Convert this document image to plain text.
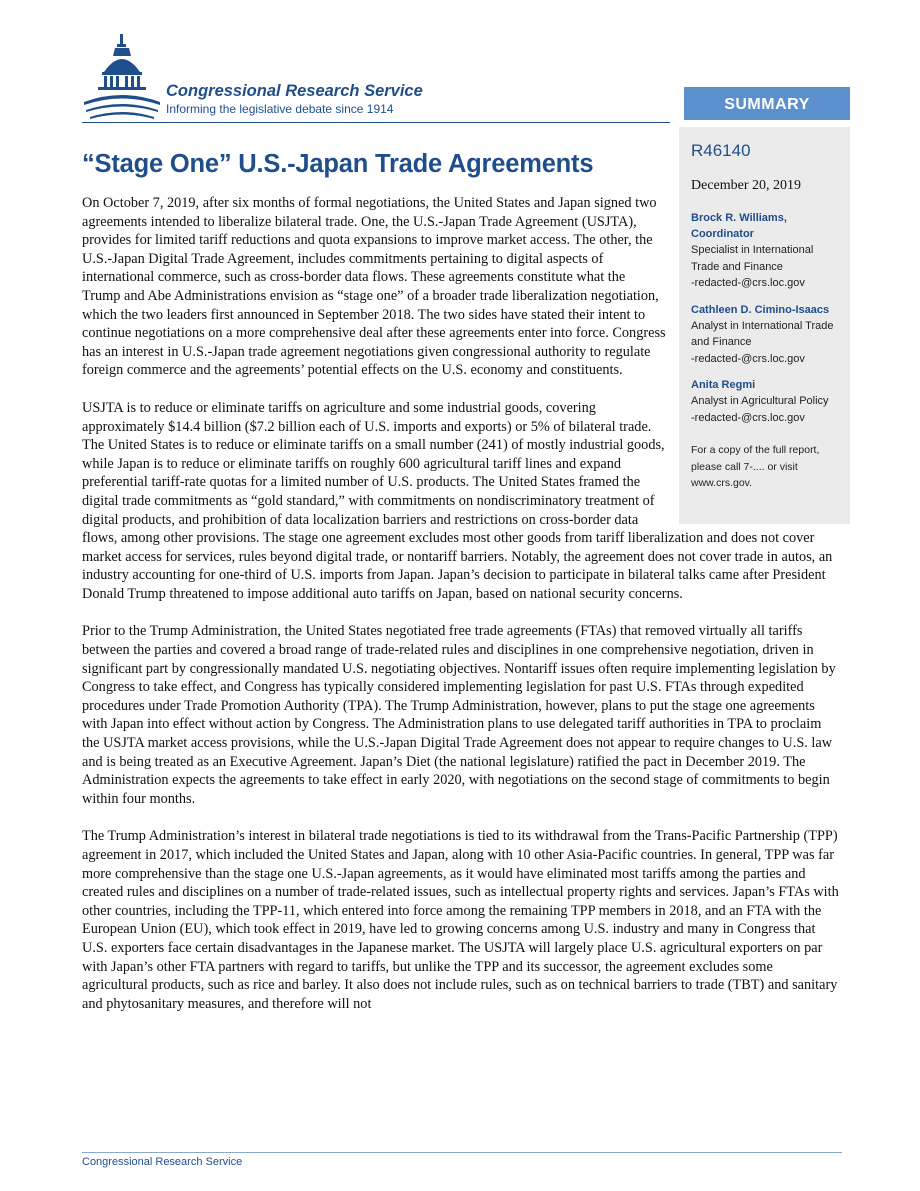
Congressional Research Service
Informing the legislative debate since 1914	SUMMARY
R46140
December 20, 2019
Brock R. Williams,
Coordinator
Specialist in International Trade and Finance
-redacted-@crs.loc.gov
Cathleen D. Cimino-Isaacs
Analyst in International Trade and Finance
-redacted-@crs.loc.gov
Anita Regmi
Analyst in Agricultural Policy
-redacted-@crs.loc.gov
For a copy of the full report, please call 7-.... or visit www.crs.gov.
“Stage One” U.S.-Japan Trade Agreements

On October 7, 2019, after six months of formal negotiations, the United States and Japan signed two agreements intended to liberalize bilateral trade. One, the U.S.-Japan Trade Agreement (USJTA), provides for limited tariff reductions and quota expansions to improve market access. The other, the U.S.-Japan Digital Trade Agreement, includes commitments pertaining to digital aspects of international commerce, such as cross-border data flows. These agreements constitute what the Trump and Abe Administrations envision as “stage one” of a broader trade liberalization negotiation, which the two leaders first announced in September 2018. The two sides have stated their intent to continue negotiations on a more comprehensive deal after these agreements enter into force. Congress has an interest in U.S.-Japan trade agreement negotiations given congressional authority to regulate foreign commerce and the agreements’ potential effects on the U.S. economy and constituents.

USJTA is to reduce or eliminate tariffs on agriculture and some industrial goods, covering approximately $14.4 billion ($7.2 billion each of U.S. imports and exports) or 5% of bilateral trade. The United States is to reduce or eliminate tariffs on a small number (241) of mostly industrial goods, while Japan is to reduce or eliminate tariffs on roughly 600 agricultural tariff lines and expand preferential tariff-rate quotas for a limited number of U.S. products. The United States framed the digital trade commitments as “gold standard,” with commitments on nondiscriminatory treatment of digital products, and prohibition of data localization barriers and restrictions on cross-border data flows, among other provisions. The stage one agreement excludes most other goods from tariff liberalization and does not cover market access for services, rules beyond digital trade, or nontariff barriers. Notably, the agreement does not cover trade in autos, an industry accounting for one-third of U.S. imports from Japan. Japan’s decision to participate in bilateral talks came after President Donald Trump threatened to impose additional auto tariffs on Japan, based on national security concerns.

Prior to the Trump Administration, the United States negotiated free trade agreements (FTAs) that removed virtually all tariffs between the parties and covered a broad range of trade-related rules and disciplines in one comprehensive negotiation, driven in significant part by congressionally mandated U.S. negotiating objectives. Nontariff issues often require implementing legislation by Congress to take effect, and Congress has typically considered implementing legislation for past U.S. FTAs through expedited procedures under Trade Promotion Authority (TPA). The Trump Administration, however, plans to put the stage one agreements with Japan into effect without action by Congress. The Administration plans to use delegated tariff authorities in TPA to proclaim the USJTA market access provisions, while the U.S.-Japan Digital Trade Agreement does not appear to require changes to U.S. law and is being treated as an Executive Agreement. Japan’s Diet (the national legislature) ratified the pact in December 2019. The Administration expects the agreements to take effect in early 2020, with negotiations on the second stage of commitments to begin within four months.

The Trump Administration’s interest in bilateral trade negotiations is tied to its withdrawal from the Trans-Pacific Partnership (TPP) agreement in 2017, which included the United States and Japan, along with 10 other Asia-Pacific countries. In general, TPP was far more comprehensive than the stage one U.S.-Japan agreements, as it would have eliminated most tariffs among the parties and created rules and disciplines on a number of trade-related issues, such as intellectual property rights and services. Japan’s FTAs with other countries, including the TPP-11, which entered into force among the remaining TPP members in 2018, and an FTA with the European Union (EU), which took effect in 2019, have led to growing concerns among U.S. industry and many in Congress that U.S. exporters face certain disadvantages in the Japanese market. The USJTA will largely place U.S. agricultural exporters on par with Japan’s other FTA partners with regard to tariffs, but unlike the TPP and its successor, the agreement excludes some agricultural products, such as rice and barley. It also does not include rules, such as on technical barriers to trade (TBT) and sanitary and phytosanitary measures, and therefore will not

Congressional Research Service
